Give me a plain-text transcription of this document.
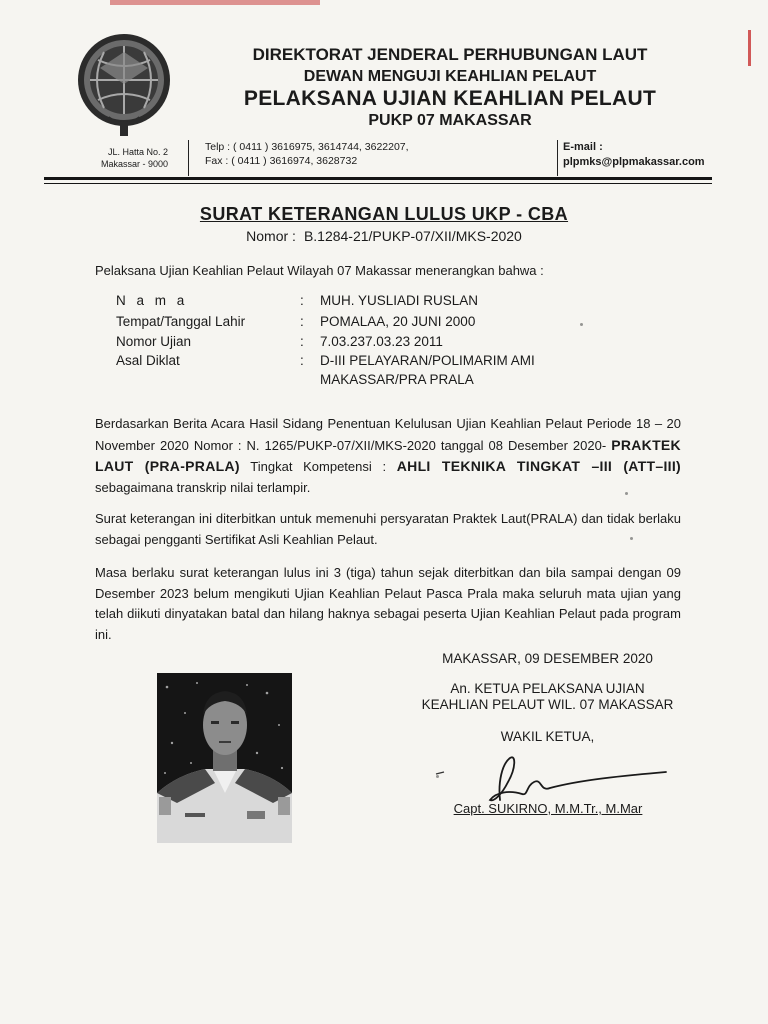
DIREKTORAT JENDERAL PERHUBUNGAN LAUT
DEWAN MENGUJI KEAHLIAN PELAUT
PELAKSANA UJIAN KEAHLIAN PELAUT
PUKP 07 MAKASSAR
JL. Hatta No. 2
Makassar - 9000
Telp : ( 0411 ) 3616975, 3614744, 3622207,
Fax : ( 0411 ) 3616974, 3628732
E-mail :
plpmks@plpmakassar.com
SURAT KETERANGAN LULUS UKP - CBA
Nomor : B.1284-21/PUKP-07/XII/MKS-2020
Pelaksana Ujian Keahlian Pelaut Wilayah 07 Makassar menerangkan bahwa :
N a m a	: MUH. YUSLIADI RUSLAN
Tempat/Tanggal Lahir	: POMALAA, 20 JUNI 2000
Nomor Ujian	: 7.03.237.03.23 2011
Asal Diklat	: D-III PELAYARAN/POLIMARIM AMI MAKASSAR/PRA PRALA
Berdasarkan Berita Acara Hasil Sidang Penentuan Kelulusan Ujian Keahlian Pelaut Periode 18 – 20 November 2020 Nomor : N. 1265/PUKP-07/XII/MKS-2020 tanggal 08 Desember 2020- PRAKTEK LAUT (PRA-PRALA) Tingkat Kompetensi : AHLI TEKNIKA TINGKAT –III (ATT–III) sebagaimana transkrip nilai terlampir.
Surat keterangan ini diterbitkan untuk memenuhi persyaratan Praktek Laut(PRALA) dan tidak berlaku sebagai pengganti Sertifikat Asli Keahlian Pelaut.
Masa berlaku surat keterangan lulus ini 3 (tiga) tahun sejak diterbitkan dan bila sampai dengan 09 Desember 2023 belum mengikuti Ujian Keahlian Pelaut Pasca Prala maka seluruh mata ujian yang telah diikuti dinyatakan batal dan hilang haknya sebagai peserta Ujian Keahlian Pelaut pada program ini.
MAKASSAR, 09 DESEMBER 2020
An. KETUA PELAKSANA UJIAN
KEAHLIAN PELAUT WIL. 07 MAKASSAR
WAKIL KETUA,
Capt. SUKIRNO, M.M.Tr., M.Mar
